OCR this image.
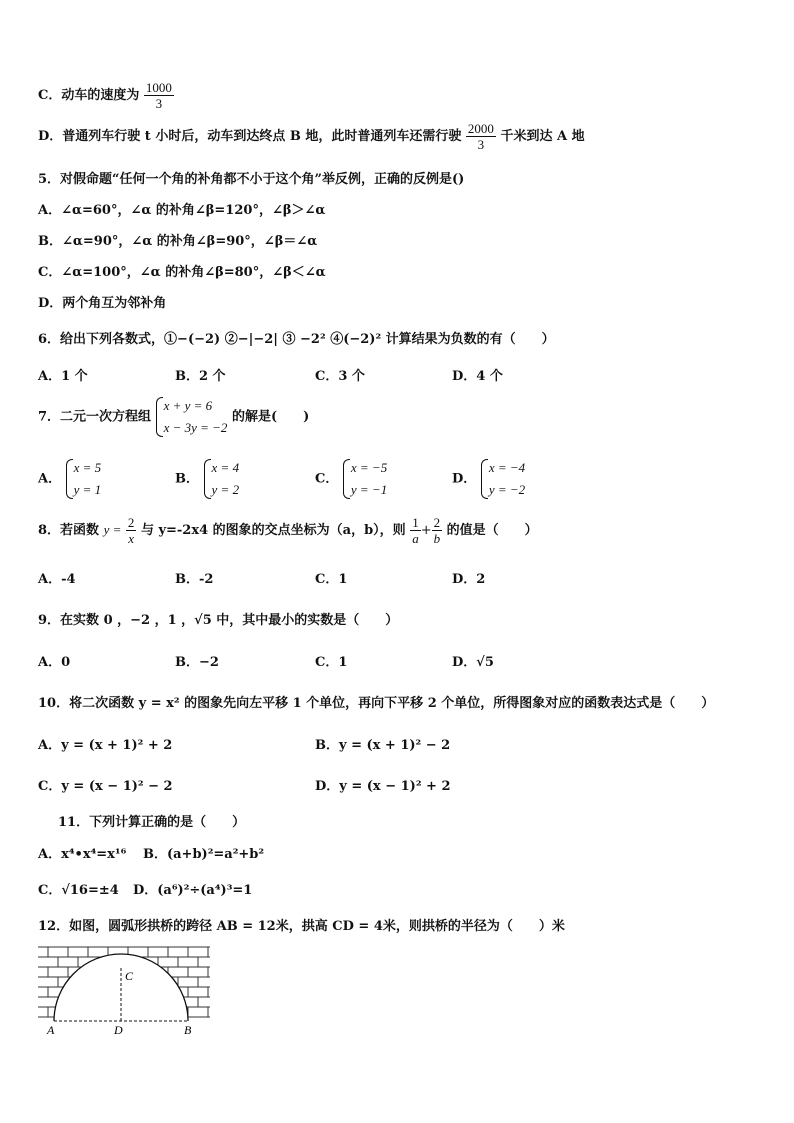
C．动车的速度为 $\frac{1000}{3}$
D．普通列车行驶 t 小时后，动车到达终点 B 地，此时普通列车还需行驶 $\frac{2000}{3}$ 千米到达 A 地
5．对假命题“任何一个角的补角都不小于这个角”举反例，正确的反例是()
A．∠α=60°，∠α 的补角∠β=120°，∠β＞∠α
B．∠α=90°，∠α 的补角∠β=90°，∠β＝∠α
C．∠α=100°，∠α 的补角∠β=80°，∠β＜∠α
D．两个角互为邻补角
6．给出下列各数式，①−(−2) ②−|−2| ③ −2² ④(−2)² 计算结果为负数的有（　　）
A．1 个	B．2 个	C．3 个	D．4 个
7．二元一次方程组
x + y = 6
x − 3y = −2
的解是(　　)
A．
x = 5
y = 1
B．
x = 4
y = 2
C．
x = −5
y = −1
D．
x = −4
y = −2
8．若函数 $y = \frac{2}{x}$ 与 y=-2x4 的图象的交点坐标为（a，b），则 $\frac{1}{a} + \frac{2}{b}$ 的值是（　　）
A．-4	B．-2	C．1	D．2
9．在实数 0 ，−2 ，1 ，√5 中，其中最小的实数是（　　）
A．0	B．−2	C．1	D．√5
10．将二次函数 y = x² 的图象先向左平移 1 个单位，再向下平移 2 个单位，所得图象对应的函数表达式是（　　）
A．y = (x + 1)² + 2	B．y = (x + 1)² − 2
C．y = (x − 1)² − 2	D．y = (x − 1)² + 2
11．下列计算正确的是（　　）
A．x⁴•x⁴=x¹⁶ B．(a+b)²=a²+b²
C．√16=±4 D．(a⁶)²÷(a⁴)³=1
12．如图，圆弧形拱桥的跨径 AB = 12米，拱高 CD = 4米，则拱桥的半径为（　　）米
C
A	D	B
